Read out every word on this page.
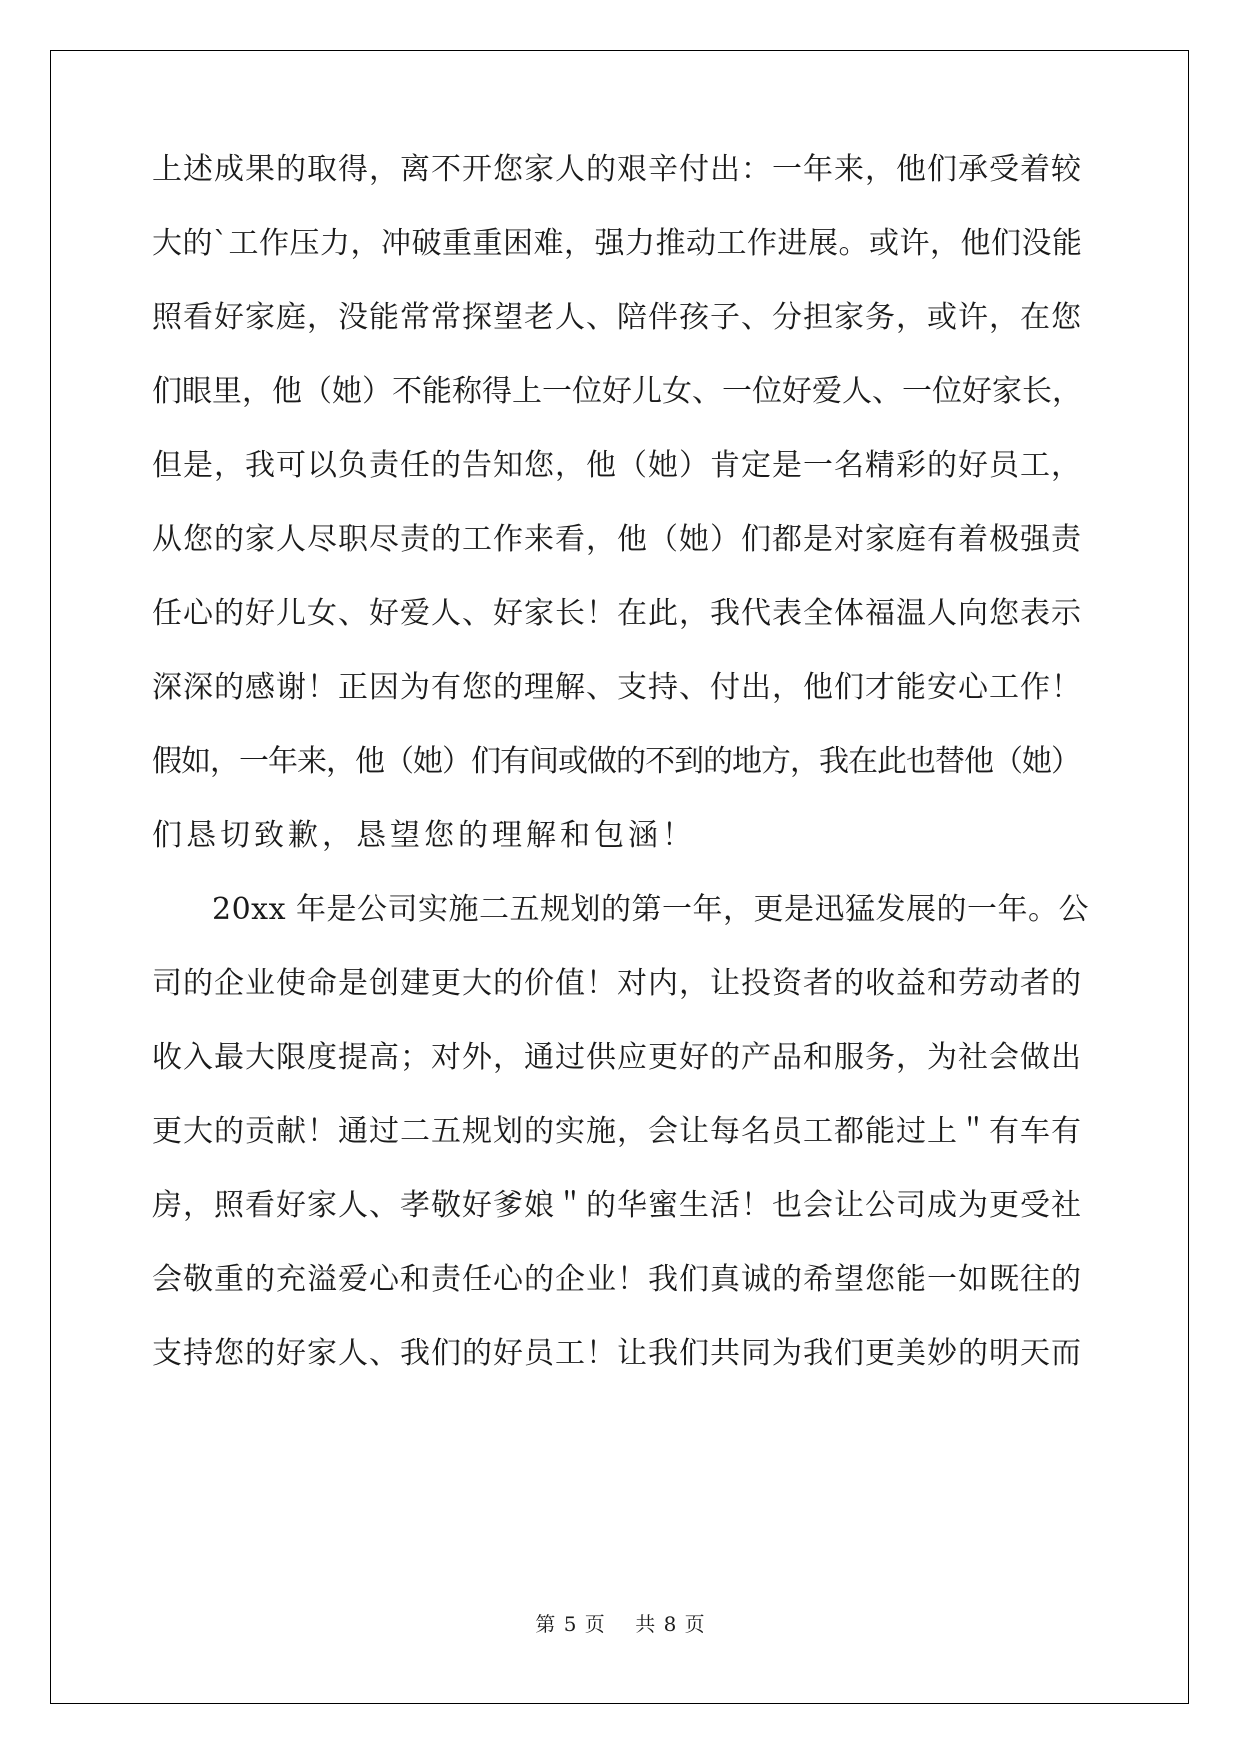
上述成果的取得，离不开您家人的艰辛付出：一年来，他们承受着较
大的`工作压力，冲破重重困难，强力推动工作进展。或许，他们没能
照看好家庭，没能常常探望老人、陪伴孩子、分担家务，或许，在您
们眼里，他（她）不能称得上一位好儿女、一位好爱人、一位好家长，
但是，我可以负责任的告知您，他（她）肯定是一名精彩的好员工，
从您的家人尽职尽责的工作来看，他（她）们都是对家庭有着极强责
任心的好儿女、好爱人、好家长！在此，我代表全体福温人向您表示
深深的感谢！正因为有您的理解、支持、付出，他们才能安心工作！
假如，一年来，他（她）们有间或做的不到的地方，我在此也替他（她）
们恳切致歉，恳望您的理解和包涵！
20xx 年是公司实施二五规划的第一年，更是迅猛发展的一年。公
司的企业使命是创建更大的价值！对内，让投资者的收益和劳动者的
收入最大限度提高；对外，通过供应更好的产品和服务，为社会做出
更大的贡献！通过二五规划的实施，会让每名员工都能过上＂有车有
房，照看好家人、孝敬好爹娘＂的华蜜生活！也会让公司成为更受社
会敬重的充溢爱心和责任心的企业！我们真诚的希望您能一如既往的
支持您的好家人、我们的好员工！让我们共同为我们更美妙的明天而
第 5 页    共 8 页
